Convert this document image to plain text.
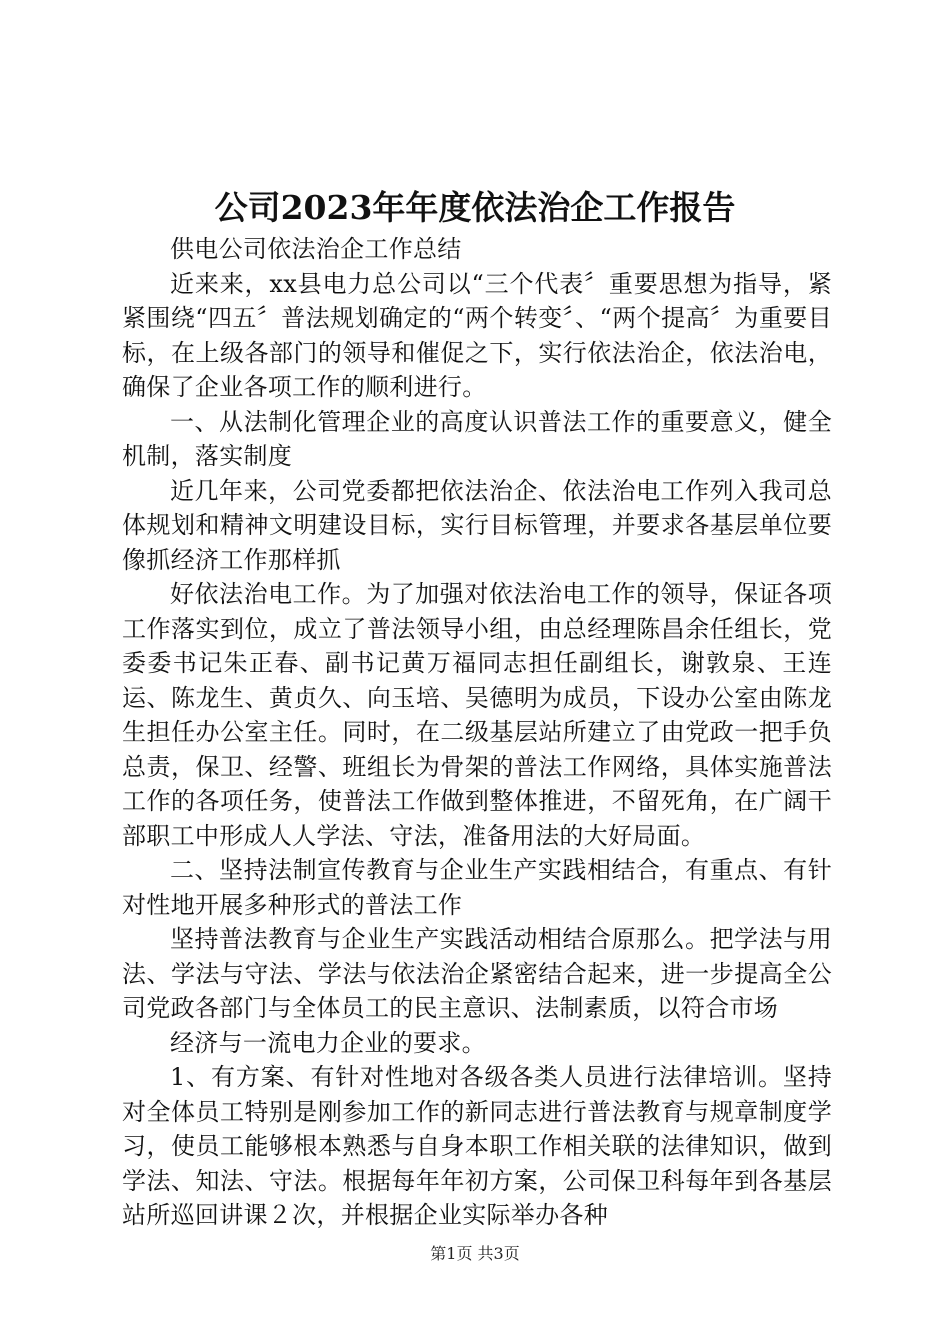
公司2023年年度依法治企工作报告

供电公司依法治企工作总结

近来来，xx县电力总公司以“三个代表〞重要思想为指导，紧紧围绕“四五〞普法规划确定的“两个转变〞、“两个提高〞为重要目标，在上级各部门的领导和催促之下，实行依法治企，依法治电，确保了企业各项工作的顺利进行。

一、从法制化管理企业的高度认识普法工作的重要意义，健全机制，落实制度

近几年来，公司党委都把依法治企、依法治电工作列入我司总体规划和精神文明建设目标，实行目标管理，并要求各基层单位要像抓经济工作那样抓

好依法治电工作。为了加强对依法治电工作的领导，保证各项工作落实到位，成立了普法领导小组，由总经理陈昌余任组长，党委委书记朱正春、副书记黄万福同志担任副组长，谢敦泉、王连运、陈龙生、黄贞久、向玉培、吴德明为成员，下设办公室由陈龙生担任办公室主任。同时，在二级基层站所建立了由党政一把手负总责，保卫、经警、班组长为骨架的普法工作网络，具体实施普法工作的各项任务，使普法工作做到整体推进，不留死角，在广阔干部职工中形成人人学法、守法，准备用法的大好局面。

二、坚持法制宣传教育与企业生产实践相结合，有重点、有针对性地开展多种形式的普法工作

坚持普法教育与企业生产实践活动相结合原那么。把学法与用法、学法与守法、学法与依法治企紧密结合起来，进一步提高全公司党政各部门与全体员工的民主意识、法制素质，以符合市场

经济与一流电力企业的要求。

1、有方案、有针对性地对各级各类人员进行法律培训。坚持对全体员工特别是刚参加工作的新同志进行普法教育与规章制度学习，使员工能够根本熟悉与自身本职工作相关联的法律知识，做到学法、知法、守法。根据每年年初方案，公司保卫科每年到各基层站所巡回讲课２次，并根据企业实际举办各种

第1页 共3页
